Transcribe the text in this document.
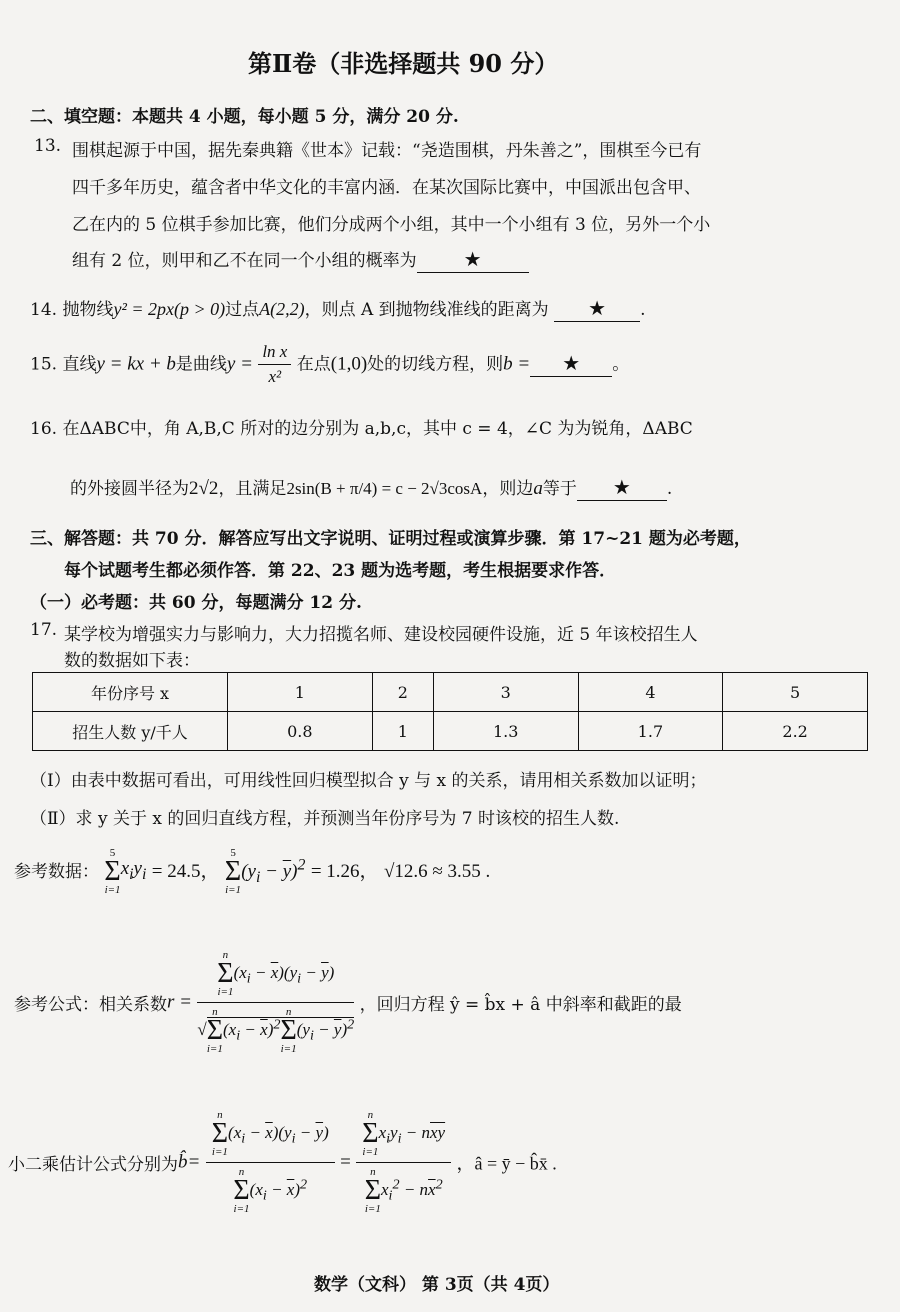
第Ⅱ卷（非选择题共 90 分）
二、填空题：本题共 4 小题，每小题 5 分，满分 20 分.
13. 围棋起源于中国，据先秦典籍《世本》记载：“尧造围棋，丹朱善之”，围棋至今已有
四千多年历史，蕴含者中华文化的丰富内涵．在某次国际比赛中，中国派出包含甲、
乙在内的 5 位棋手参加比赛，他们分成两个小组，其中一个小组有 3 位，另外一个小
组有 2 位，则甲和乙不在同一个小组的概率为 ★
14. 抛物线y² = 2px(p > 0)过点A(2,2)，则点 A 到抛物线准线的距离为 ★ .
15. 直线y = kx + b是曲线$y = \frac{\text{ln x}}{\text{x²}}$ 在点(1,0)处的切线方程，则b = ★ 。
16. 在ΔABC中，角 A,B,C 所对的边分别为 a,b,c，其中 c = 4，∠C 为为锐角，ΔABC
的外接圆半径为2√2，且满足2sin(B + π/4) = c − 2√3cosA，则边a等于 ★ .
三、解答题：共 70 分．解答应写出文字说明、证明过程或演算步骤．第 17~21 题为必考题，
每个试题考生都必须作答．第 22、23 题为选考题，考生根据要求作答．
（一）必考题：共 60 分，每题满分 12 分.
17. 某学校为增强实力与影响力，大力招揽名师、建设校园硬件设施，近 5 年该校招生人
数的数据如下表：
年份序号 x	1	2	3	4	5
招生人数 y/千人	0.8	1	1.3	1.7	2.2
（Ⅰ）由表中数据可看出，可用线性回归模型拟合 y 与 x 的关系，请用相关系数加以证明；
（Ⅱ）求 y 关于 x 的回归直线方程，并预测当年份序号为 7 时该校的招生人数.
参考数据：
5
Σ
i=1
$x_iy_i = 24.5$，
5
Σ
i=1
$(y_i - \overline{y})^2 = 1.26$， √12.6 ≈ 3.55 .
参考公式：相关系数r = n
Σ
i=1
$(x_i - \overline{x})(y_i - \overline{y})$
√
n
Σ
i=1
$(x_i - \overline{x})^2$
n
Σ
i=1
$(y_i - \overline{y})^2$ ，回归方程 ŷ = b̂x + â 中斜率和截距的最
小二乘估计公式分别为b̂= n
Σ
i=1
$(x_i - \overline{x})(y_i - \overline{y})$
n
Σ
i=1
$(x_i - \overline{x})^2 = n$
Σ
i=1
$x_iy_i - n\overline{xy}$
n
Σ
i=1
$x_i^2 - n\overline{x}^2$ ，â = ȳ − b̂x̄ .
数学（文科） 第 3页（共 4页）
